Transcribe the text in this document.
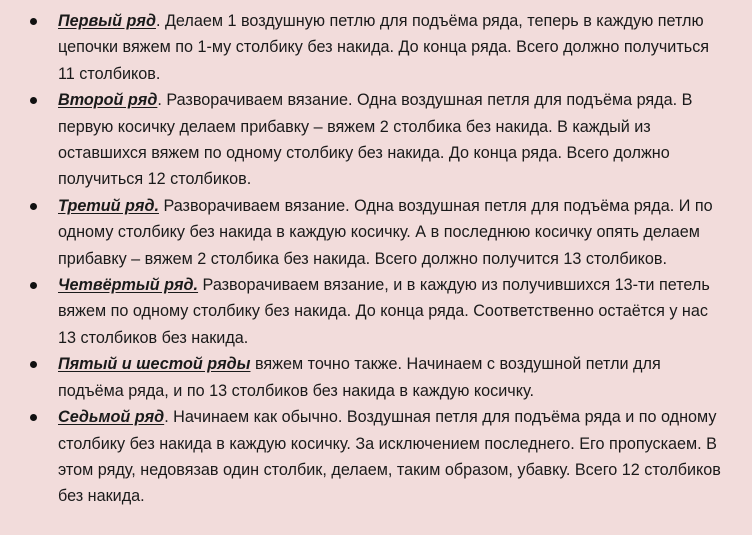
Первый ряд. Делаем 1 воздушную петлю для подъёма ряда, теперь в каждую петлю цепочки вяжем по 1-му столбику без накида. До конца ряда. Всего должно получиться 11 столбиков.
Второй ряд. Разворачиваем вязание. Одна воздушная петля для подъёма ряда. В первую косичку делаем прибавку – вяжем 2 столбика без накида. В каждый из оставшихся вяжем по одному столбику без накида. До конца ряда. Всего должно получиться 12 столбиков.
Третий ряд. Разворачиваем вязание. Одна воздушная петля для подъёма ряда. И по одному столбику без накида в каждую косичку. А в последнюю косичку опять делаем прибавку – вяжем 2 столбика без накида. Всего должно получится 13 столбиков.
Четвёртый ряд. Разворачиваем вязание, и в каждую из получившихся 13-ти петель вяжем по одному столбику без накида. До конца ряда. Соответственно остаётся у нас 13 столбиков без накида.
Пятый и шестой ряды вяжем точно также. Начинаем с воздушной петли для подъёма ряда, и по 13 столбиков без накида в каждую косичку.
Седьмой ряд. Начинаем как обычно. Воздушная петля для подъёма ряда и по одному столбику без накида в каждую косичку. За исключением последнего. Его пропускаем. В этом ряду, недовязав один столбик, делаем, таким образом, убавку. Всего 12 столбиков без накида.
